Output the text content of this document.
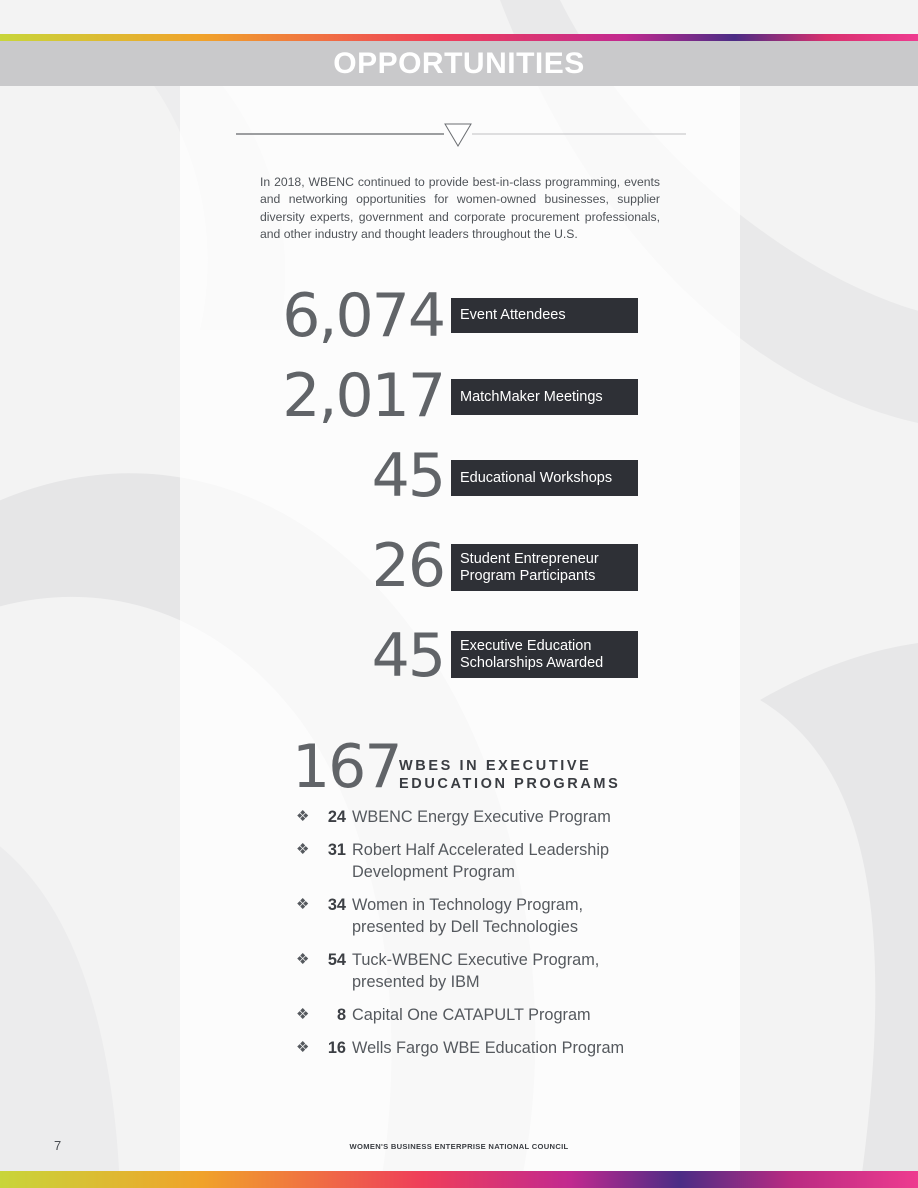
OPPORTUNITIES
In 2018, WBENC continued to provide best-in-class programming, events and networking opportunities for women-owned businesses, supplier diversity experts, government and corporate procurement professionals, and other industry and thought leaders throughout the U.S.
6,074	Event Attendees
2,017	MatchMaker Meetings
45	Educational Workshops
26 Student Entrepreneur
Program Participants
45 Executive Education
Scholarships Awarded
167
WBES IN EXECUTIVE
EDUCATION PROGRAMS
❖	24 WBENC Energy Executive Program
❖	31 Robert Half Accelerated Leadership Development Program
❖	34 Women in Technology Program, presented by Dell Technologies
❖	54 Tuck-WBENC Executive Program, presented by IBM
❖	8 Capital One CATAPULT Program
❖	16 Wells Fargo WBE Education Program
7	WOMEN'S BUSINESS ENTERPRISE NATIONAL COUNCIL
